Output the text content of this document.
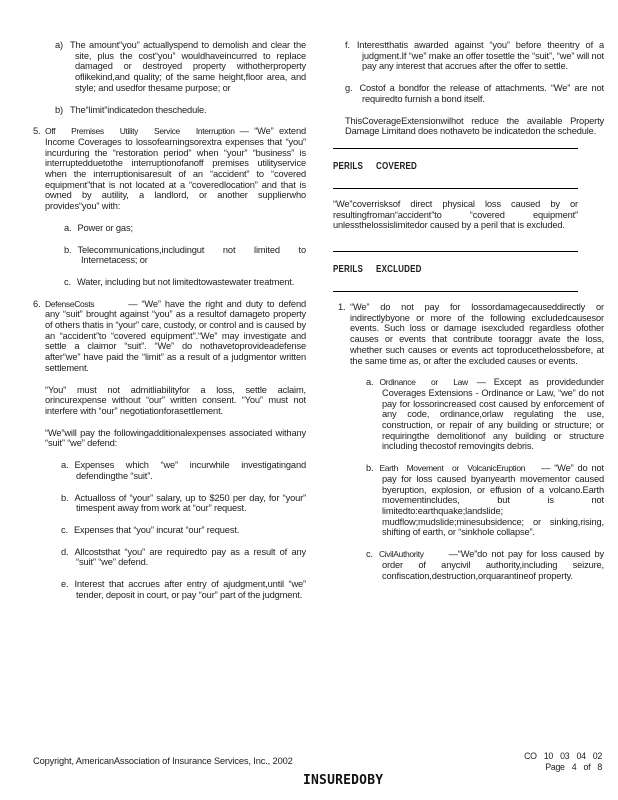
a) The amount“you” actuallyspend to demolish and clear the site, plus the cost“you” wouldhaveincurred to replace damaged or destroyed property withotherproperty oflikekind,and quality; of the same height,floor area, and style; and usedfor thesame purpose; or
b) The“limit”indicatedon theschedule.

5. Off Premises Utility Service Interruption — “We” extend Income Coverages to lossofearningsorextra expenses that “you” incurduring the “restoration period” when “your” “business” is interruptedduetothe interruptionofanoff premises utilityservice when the interruptionisaresult of an “accident” to “covered equipment”that is not located at a “coveredlocation” and that is owned by autility, a landlord, or another supplierwho provides“you” with:

a. Power or gas;
b. Telecommunications,includingut not limited to Internetacess; or
c. Water, including but not limitedtowastewater treatment.

6. DefenseCosts	— “We” have the right and duty to defend any “suit” brought against “you” as a resultof damageto property of others thatis in “your” care, custody, or control and is caused by an “accident”to “covered equipment”.“We” may investigate and settle a claimor “suit”. “We” do nothavetoprovideadefense after“we” have paid the “limit” as a result of a judgmentor written settlement.

“You” must not admitliabilityfor a loss, settle aclaim, orincurexpense without “our” written consent. “You” must not interfere with “our” negotiationforasettlement.

“We”will pay the followingadditionalexpenses associated withany “suit” “we” defend:

a. Expenses which “we” incurwhile investigatingand defendingthe “suit”.
b. Actualloss of “your” salary, up to $250 per day, for “your” timespent away from work at “our” request.
c. Expenses that “you” incurat “our” request.
d. Allcoststhat “you” are requiredto pay as a result of any “suit” “we” defend.
e. Interest that accrues after entry of ajudgment,until “we” tender, deposit in court, or pay “our” part of the judgment.
f. Interestthatis awarded against “you” before theentry of a judgment.If “we” make an offer tosettle the “suit”, “we” will not pay any interest that accrues after the offer to settle.
g. Costof a bondfor the release of attachments. “We” are not requiredto furnish a bond itself.

ThisCoverageExtensionwilhot reduce the available Property Damage Limitand does nothaveto be indicatedon the schedule.

PERILS COVERED

“We”coverrisksof direct physical loss caused by or resultingfroman“accident”to “covered equipment” unlessthelossislimitedor caused by a peril that is excluded.

PERILS EXCLUDED

1. “We” do not pay for lossordamagecauseddirectly or indirectlybyone or more of the following excludedcausesor events. Such loss or damage isexcluded regardless ofother causes or events that contribute tooraggr avate the loss, whether such causes or events act toproducethelossbefore, at the same time as, or after the excluded causes or events.

a. Ordinance or Law — Except as providedunder Coverages Extensions - Ordinance or Law, “we” do not pay for lossorincreased cost caused by enforcement of any code, ordinance,orlaw regulating the use, construction, or repair of any building or structure; or requiringthe demolitionof any building or structure including thecostof removingits debris.
b. Earth Movement or VolcanicEruption — “We” do not pay for loss caused byanyearth movementor caused byeruption, explosion, or effusion of a volcano.Earth movementincludes, but is not limitedto:earthquake;landslide; mudflow;mudslide;minesubsidence; or sinking,rising, shifting of earth, or “sinkhole collapse”.
c. CivilAuthority	—“We”do not pay for loss caused by order of anycivil authority,including seizure, confiscation,destruction,orquarantineof property.
Copyright, AmericanAssociation of Insurance Services, Inc., 2002	CO 10 03 04 02
Page 4 of 8
INSUREDOBY
